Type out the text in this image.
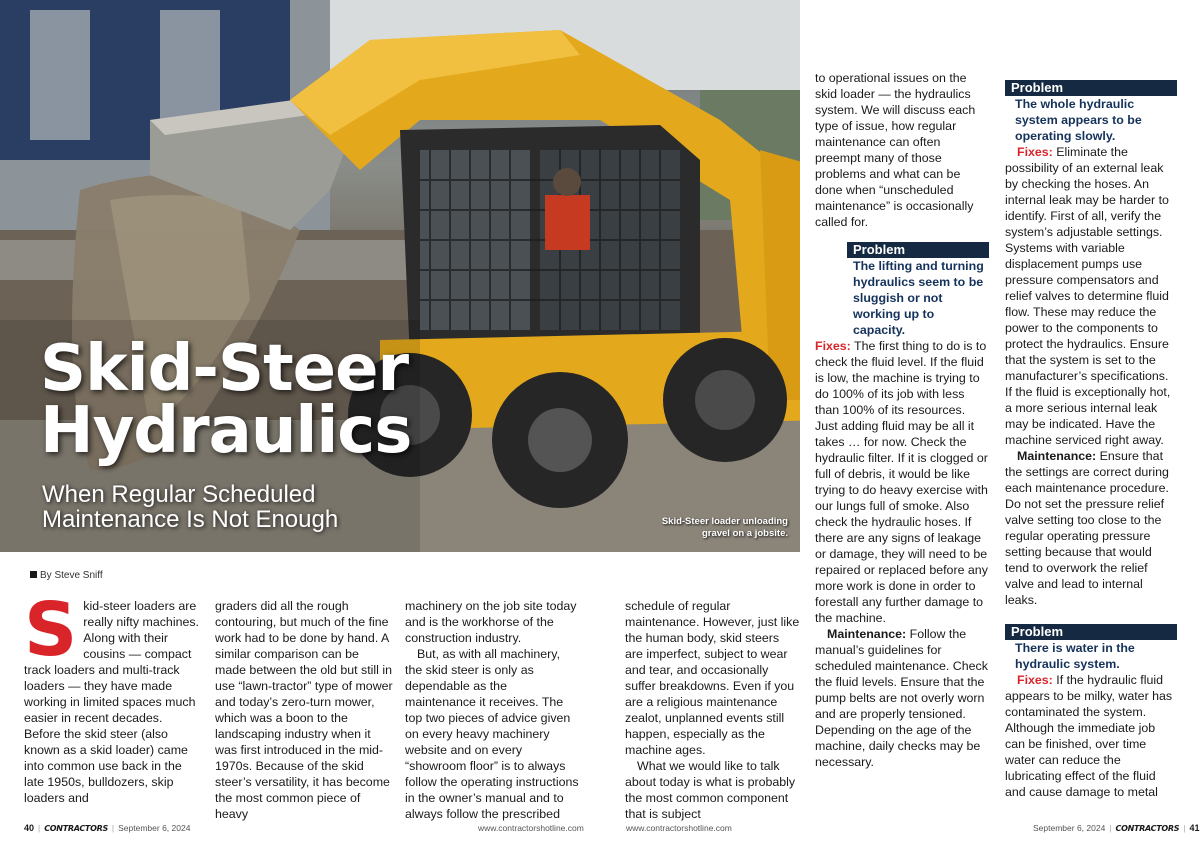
Skid-Steer
Hydraulics
When Regular Scheduled
Maintenance Is Not Enough	Skid-Steer loader unloading
gravel on a jobsite.
By Steve Sniff

Skid-steer loaders are really nifty machines. Along with their cousins — compact track loaders and multi-track loaders — they have made working in limited spaces much easier in recent decades. Before the skid steer (also known as a skid loader) came into common use back in the late 1950s, bulldozers, skip loaders and

graders did all the rough contouring, but much of the fine work had to be done by hand. A similar comparison can be made between the old but still in use “lawn-tractor” type of mower and today’s zero-turn mower, which was a boon to the landscaping industry when it was first introduced in the mid-1970s. Because of the skid steer’s versatility, it has become the most common piece of heavy

machinery on the job site today and is the workhorse of the construction industry.

But, as with all machinery, the skid steer is only as dependable as the maintenance it receives. The top two pieces of advice given on every heavy machinery website and on every “showroom floor” is to always follow the operating instructions in the owner’s manual and to always follow the prescribed

schedule of regular maintenance. However, just like the human body, skid steers are imperfect, subject to wear and tear, and occasionally suffer breakdowns. Even if you are a religious maintenance zealot, unplanned events still happen, especially as the machine ages.

What we would like to talk about today is what is probably the most common component that is subject

to operational issues on the skid loader — the hydraulics system. We will discuss each type of issue, how regular maintenance can often preempt many of those problems and what can be done when “unscheduled maintenance” is occasionally called for.

Problem

The lifting and turning hydraulics seem to be sluggish or not working up to capacity.

Fixes: The first thing to do is to check the fluid level. If the fluid is low, the machine is trying to do 100% of its job with less than 100% of its resources. Just adding fluid may be all it takes … for now. Check the hydraulic filter. If it is clogged or full of debris, it would be like trying to do heavy exercise with our lungs full of smoke. Also check the hydraulic hoses. If there are any signs of leakage or damage, they will need to be repaired or replaced before any more work is done in order to forestall any further damage to the machine.

Maintenance: Follow the manual’s guidelines for scheduled maintenance. Check the fluid levels. Ensure that the pump belts are not overly worn and are properly tensioned. Depending on the age of the machine, daily checks may be necessary.

Problem

The whole hydraulic system appears to be operating slowly.

Fixes: Eliminate the possibility of an external leak by checking the hoses. An internal leak may be harder to identify. First of all, verify the system’s adjustable settings. Systems with variable displacement pumps use pressure compensators and relief valves to determine fluid flow. These may reduce the power to the components to protect the hydraulics. Ensure that the system is set to the manufacturer’s specifications. If the fluid is exceptionally hot, a more serious internal leak may be indicated. Have the machine serviced right away.

Maintenance: Ensure that the settings are correct during each maintenance procedure. Do not set the pressure relief valve setting too close to the regular operating pressure setting because that would tend to overwork the relief valve and lead to internal leaks.

Problem

There is water in the hydraulic system.

Fixes: If the hydraulic fluid appears to be milky, water has contaminated the system. Although the immediate job can be finished, over time water can reduce the lubricating effect of the fluid and cause damage to metal

40 | CONTRACTORS | September 6, 2024	www.contractorshotline.com	www.contractorshotline.com	September 6, 2024 | CONTRACTORS | 41
